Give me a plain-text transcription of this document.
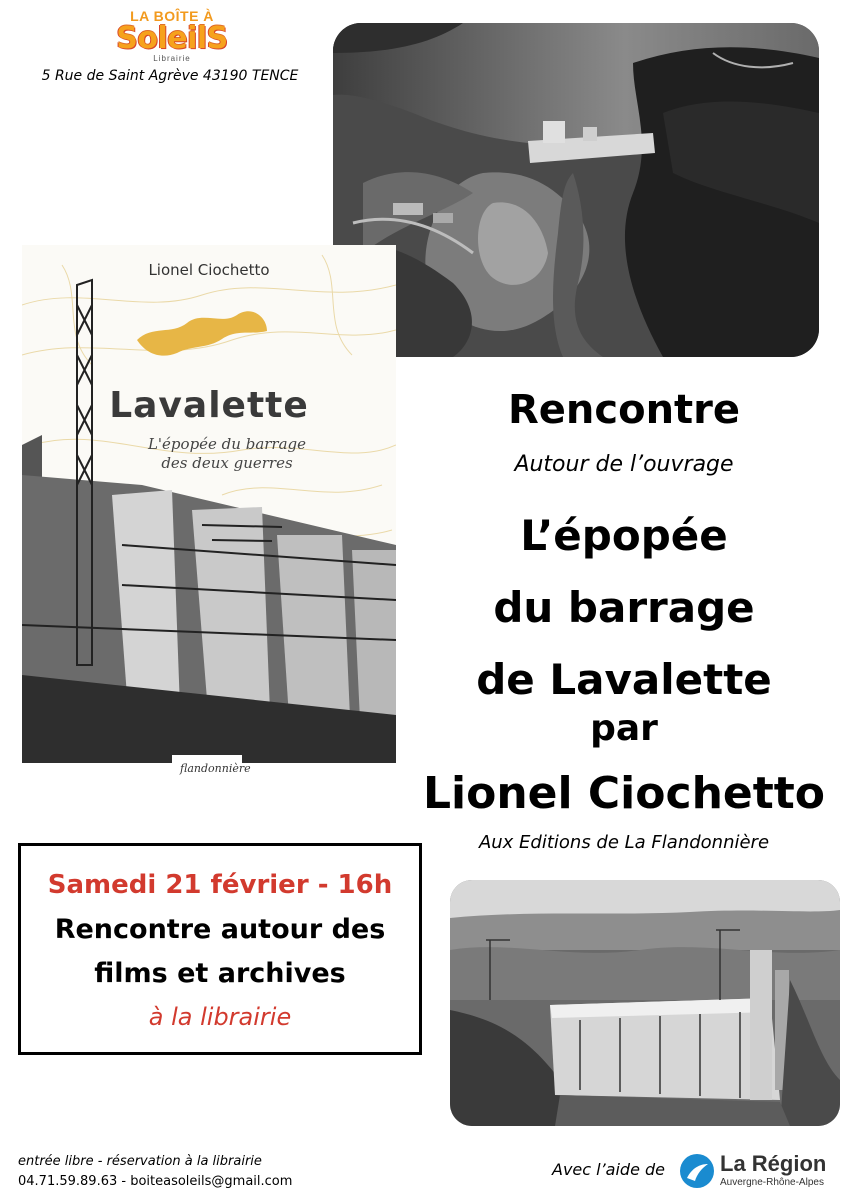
LA BOÎTE À
SoleilS
Librairie
5 Rue de Saint Agrève 43190 TENCE
Lionel Ciochetto
Lavalette
L'épopée du barrage
des deux guerres
flandonnière
Rencontre
Autour de l’ouvrage
L’épopée
du barrage
de Lavalette
par
Lionel Ciochetto
Aux Editions de La Flandonnière
Samedi 21 février - 16h
Rencontre autour des
films et archives
à la librairie
entrée libre - réservation à la librairie
04.71.59.89.63 - boiteasoleils@gmail.com
Avec l’aide de La Région
Auvergne-Rhône-Alpes
